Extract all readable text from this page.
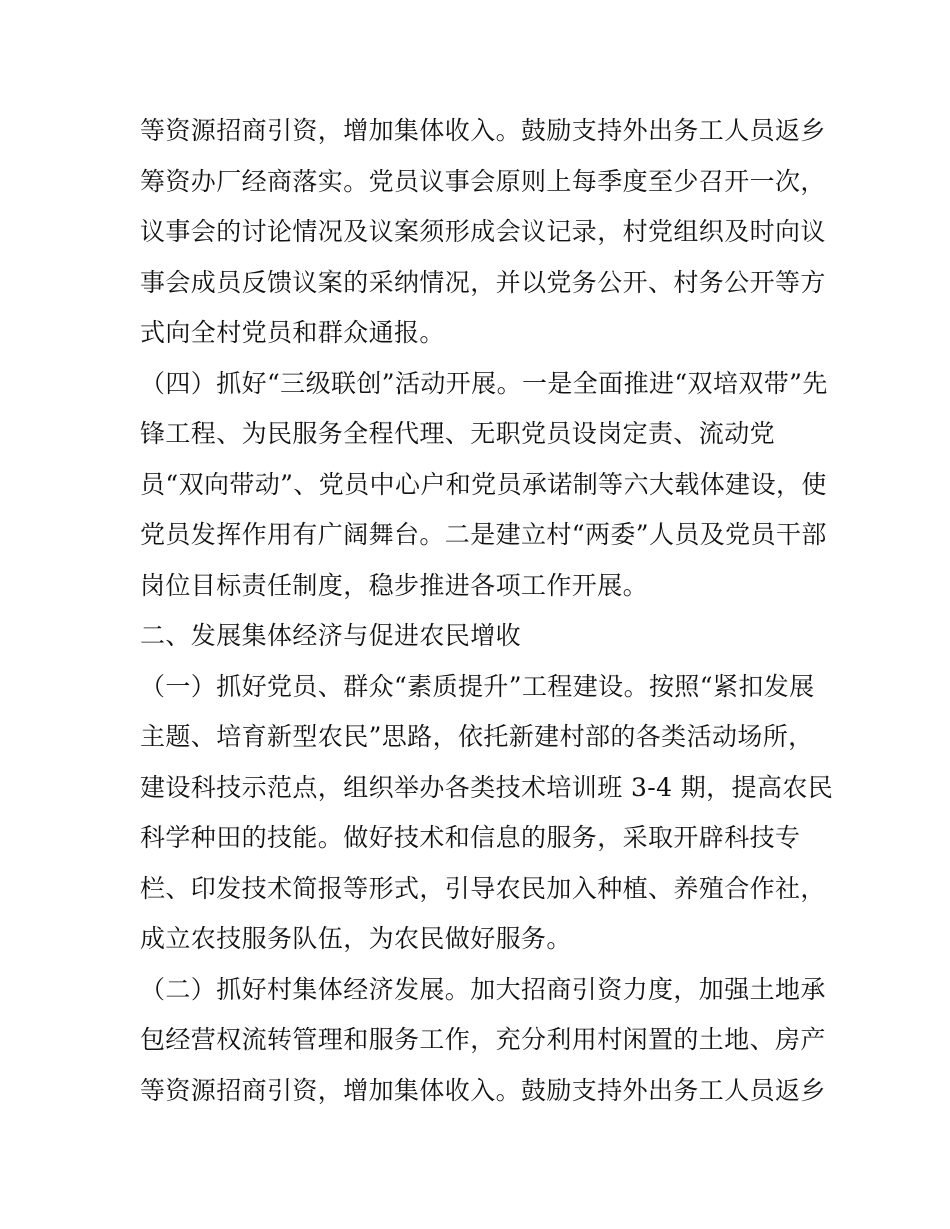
等资源招商引资，增加集体收入。鼓励支持外出务工人员返乡
筹资办厂经商落实。党员议事会原则上每季度至少召开一次，
议事会的讨论情况及议案须形成会议记录，村党组织及时向议
事会成员反馈议案的采纳情况，并以党务公开、村务公开等方
式向全村党员和群众通报。
（四）抓好“三级联创”活动开展。一是全面推进“双培双带”先
锋工程、为民服务全程代理、无职党员设岗定责、流动党
员“双向带动”、党员中心户和党员承诺制等六大载体建设，使
党员发挥作用有广阔舞台。二是建立村“两委”人员及党员干部
岗位目标责任制度，稳步推进各项工作开展。
二、发展集体经济与促进农民增收
（一）抓好党员、群众“素质提升”工程建设。按照“紧扣发展
主题、培育新型农民”思路，依托新建村部的各类活动场所，
建设科技示范点，组织举办各类技术培训班 3-4 期，提高农民
科学种田的技能。做好技术和信息的服务，采取开辟科技专
栏、印发技术简报等形式，引导农民加入种植、养殖合作社，
成立农技服务队伍，为农民做好服务。
（二）抓好村集体经济发展。加大招商引资力度，加强土地承
包经营权流转管理和服务工作，充分利用村闲置的土地、房产
等资源招商引资，增加集体收入。鼓励支持外出务工人员返乡
